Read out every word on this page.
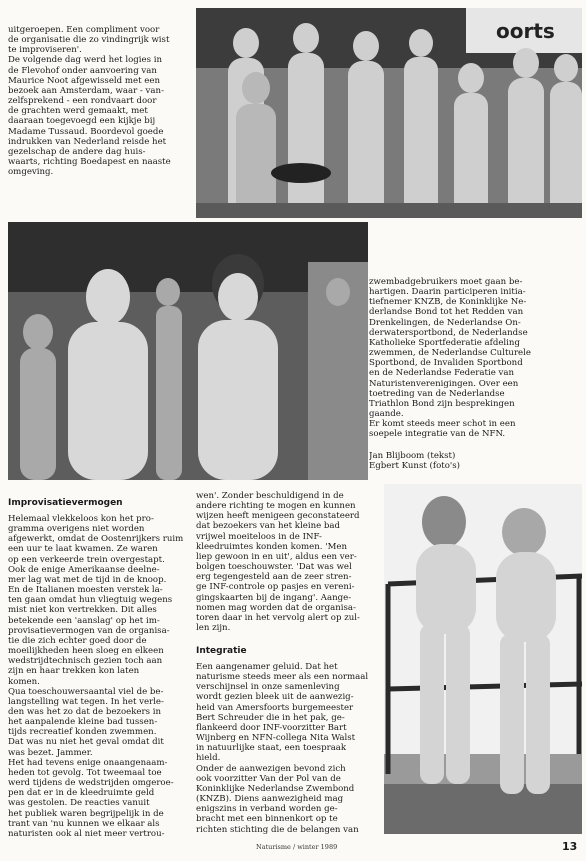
uitgeroepen. Een compliment voor
de organisatie die zo vindingrijk wist
te improviseren'.
De volgende dag werd het logies in
de Flevohof onder aanvoering van
Maurice Noot afgewisseld met een
bezoek aan Amsterdam, waar - van-
zelfsprekend - een rondvaart door
de grachten werd gemaakt, met
daaraan toegevoegd een kijkje bij
Madame Tussaud. Boordevol goede
indrukken van Nederland reisde het
gezelschap de andere dag huis-
waarts, richting Boedapest en naaste
omgeving.
oorts
zwembadgebruikers moet gaan be-
hartigen. Daarin participeren initia-
tiefnemer KNZB, de Koninklijke Ne-
derlandse Bond tot het Redden van
Drenkelingen, de Nederlandse On-
derwatersportbond, de Nederlandse
Katholieke Sportfederatie afdeling
zwemmen, de Nederlandse Culturele
Sportbond, de Invaliden Sportbond
en de Nederlandse Federatie van
Naturistenverenigingen. Over een
toetreding van de Nederlandse
Triathlon Bond zijn besprekingen
gaande.
Er komt steeds meer schot in een
soepele integratie van de NFN.
Jan Blijboom (tekst)
Egbert Kunst (foto's)
Improvisatievermogen
Helemaal vlekkeloos kon het pro-
gramma overigens niet worden
afgewerkt, omdat de Oostenrijkers ruim
een uur te laat kwamen. Ze waren
op een verkeerde trein overgestapt.
Ook de enige Amerikaanse deelne-
mer lag wat met de tijd in de knoop.
En de Italianen moesten verstek la-
ten gaan omdat hun vliegtuig wegens
mist niet kon vertrekken. Dit alles
betekende een 'aanslag' op het im-
provisatievermogen van de organisa-
tie die zich echter goed door de
moeilijkheden heen sloeg en elkeen
wedstrijdtechnisch gezien toch aan
zijn en haar trekken kon laten
komen.
Qua toeschouwersaantal viel de be-
langstelling wat tegen. In het verle-
den was het zo dat de bezoekers in
het aanpalende kleine bad tussen-
tijds recreatief konden zwemmen.
Dat was nu niet het geval omdat dit
was bezet. Jammer.
Het had tevens enige onaangenaam-
heden tot gevolg. Tot tweemaal toe
werd tijdens de wedstrijden omgeroe-
pen dat er in de kleedruimte geld
was gestolen. De reacties vanuit
het publiek waren begrijpelijk in de
trant van 'nu kunnen we elkaar als
naturisten ook al niet meer vertrou-
wen'. Zonder beschuldigend in de
andere richting te mogen en kunnen
wijzen heeft menigeen geconstateerd
dat bezoekers van het kleine bad
vrijwel moeiteloos in de INF-
kleedruimtes konden komen. 'Men
liep gewoon in en uit', aldus een ver-
bolgen toeschouwster. 'Dat was wel
erg tegengesteld aan de zeer stren-
ge INF-controle op pasjes en vereni-
gingskaarten bij de ingang'. Aange-
nomen mag worden dat de organisa-
toren daar in het vervolg alert op zul-
len zijn.
Integratie
Een aangenamer geluid. Dat het
naturisme steeds meer als een normaal
verschijnsel in onze samenleving
wordt gezien bleek uit de aanwezig-
heid van Amersfoorts burgemeester
Bert Schreuder die in het pak, ge-
flankeerd door INF-voorzitter Bart
Wijnberg en NFN-collega Nita Walst
in natuurlijke staat, een toespraak
hield.
Onder de aanwezigen bevond zich
ook voorzitter Van der Pol van de
Koninklijke Nederlandse Zwembond
(KNZB). Diens aanwezigheid mag
enigszins in verband worden ge-
bracht met een binnenkort op te
richten stichting die de belangen van
Naturisme / winter 1989	13
